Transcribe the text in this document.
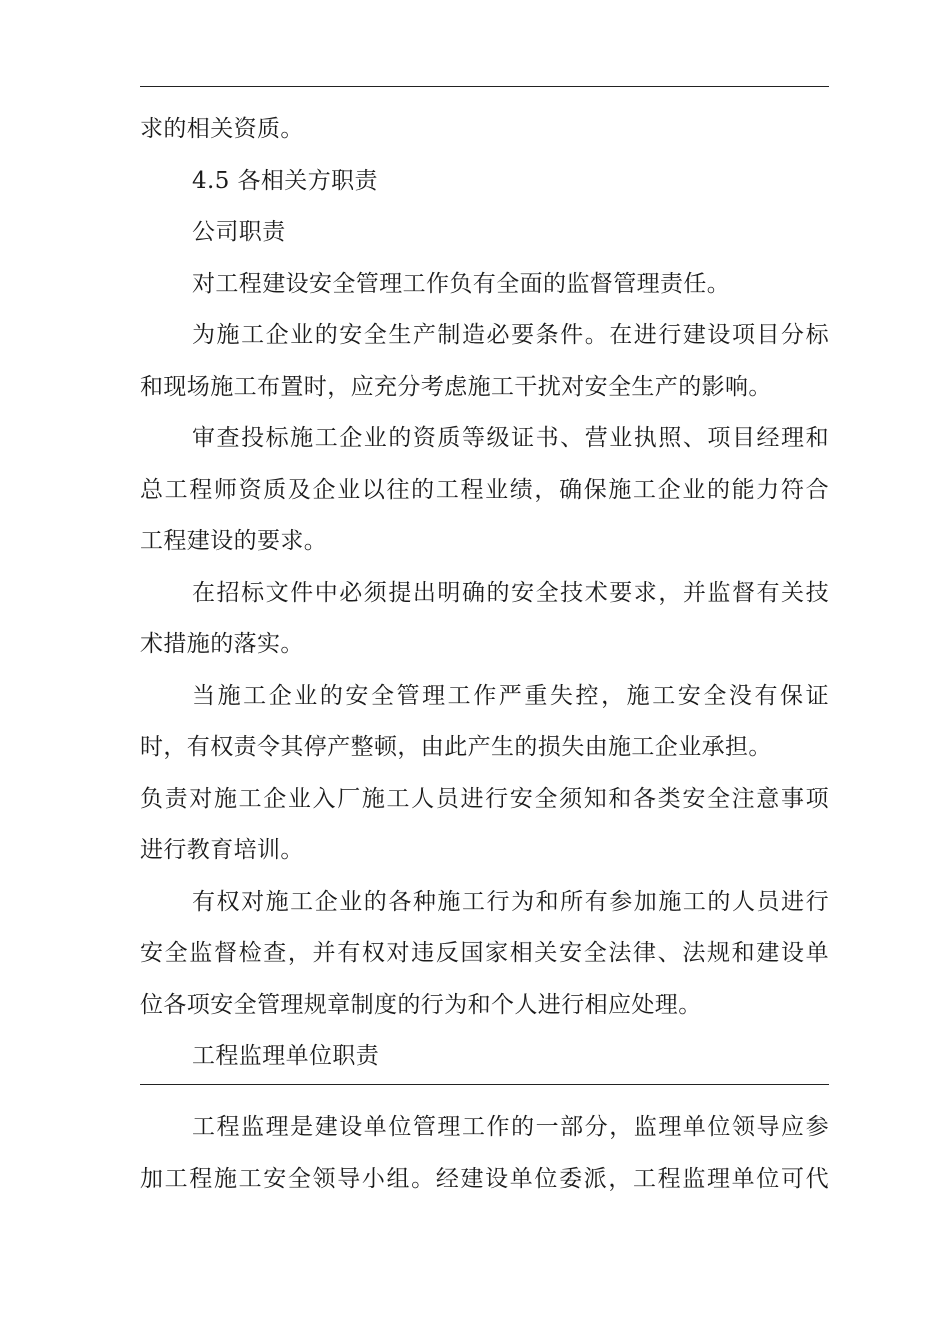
求的相关资质。
4.5 各相关方职责
公司职责
对工程建设安全管理工作负有全面的监督管理责任。
为施工企业的安全生产制造必要条件。在进行建设项目分标
和现场施工布置时，应充分考虑施工干扰对安全生产的影响。
审查投标施工企业的资质等级证书、营业执照、项目经理和
总工程师资质及企业以往的工程业绩，确保施工企业的能力符合
工程建设的要求。
在招标文件中必须提出明确的安全技术要求，并监督有关技
术措施的落实。
当施工企业的安全管理工作严重失控，施工安全没有保证
时，有权责令其停产整顿，由此产生的损失由施工企业承担。
负责对施工企业入厂施工人员进行安全须知和各类安全注意事项
进行教育培训。
有权对施工企业的各种施工行为和所有参加施工的人员进行
安全监督检查，并有权对违反国家相关安全法律、法规和建设单
位各项安全管理规章制度的行为和个人进行相应处理。
工程监理单位职责
工程监理是建设单位管理工作的一部分，监理单位领导应参
加工程施工安全领导小组。经建设单位委派，工程监理单位可代
